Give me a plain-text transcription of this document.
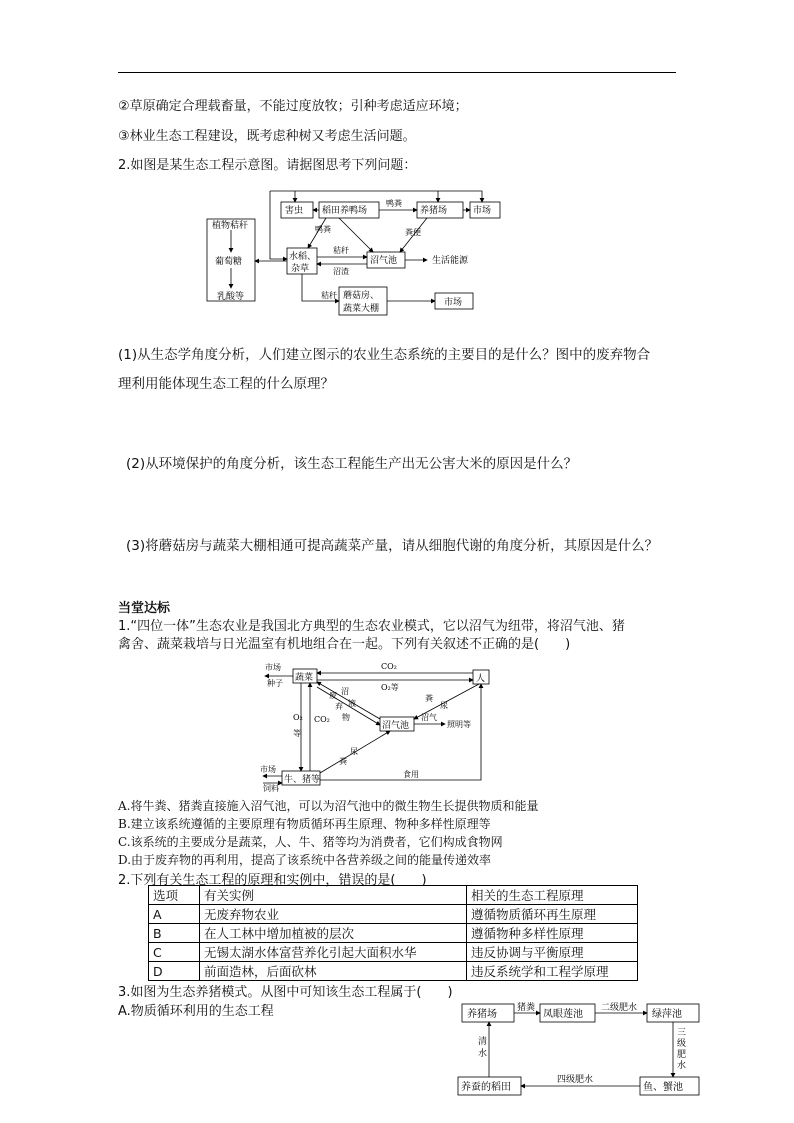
②草原确定合理载畜量，不能过度放牧；引种考虑适应环境；
③林业生态工程建设，既考虑种树又考虑生活问题。
2.如图是某生态工程示意图。请据图思考下列问题：
害虫 稻田养鸭场	养猪场	市场
水稻、
杂草
沼气池	生活能源
植物秸秆
葡萄糖
乳酸等	蘑菇房、
蔬菜大棚
市场
鸭粪
鸭粪	粪便
秸秆
沼渣
秸秆
(1)从生态学角度分析，人们建立图示的农业生态系统的主要目的是什么？图中的废弃物合
理利用能体现生态工程的什么原理？
(2)从环境保护的角度分析，该生态工程能生产出无公害大米的原因是什么？
(3)将蘑菇房与蔬菜大棚相通可提高蔬菜产量，请从细胞代谢的角度分析，其原因是什么？
当堂达标
1.“四位一体”生态农业是我国北方典型的生态农业模式，它以沼气为纽带，将沼气池、猪
禽舍、蔬菜栽培与日光温室有机地组合在一起。下列有关叙述不正确的是(　　)
蔬菜	人
沼气池
牛、猪等
市场
种子
市场
饲料
CO₂
O₂等
O₂
等
CO₂
沼
液
废
弃
物
粪
尿
粪
尿
沼气
照明等
食用
A.将牛粪、猪粪直接施入沼气池，可以为沼气池中的微生物生长提供物质和能量
B.建立该系统遵循的主要原理有物质循环再生原理、物种多样性原理等
C.该系统的主要成分是蔬菜，人、牛、猪等均为消费者，它们构成食物网
D.由于废弃物的再利用，提高了该系统中各营养级之间的能量传递效率
2.下列有关生态工程的原理和实例中，错误的是(　　)
选项	有关实例	相关的生态工程原理
A	无废弃物农业	遵循物质循环再生原理
B	在人工林中增加植被的层次	遵循物种多样性原理
C	无锡太湖水体富营养化引起大面积水华	违反协调与平衡原理
D	前面造林，后面砍林	违反系统学和工程学原理
3.如图为生态养猪模式。从图中可知该生态工程属于(　　)
A.物质循环利用的生态工程	养猪场	凤眼莲池	绿萍池
养蚕的稻田	鱼、蟹池
猪粪	二级肥水
三
级
肥
水
四级肥水
清
水
